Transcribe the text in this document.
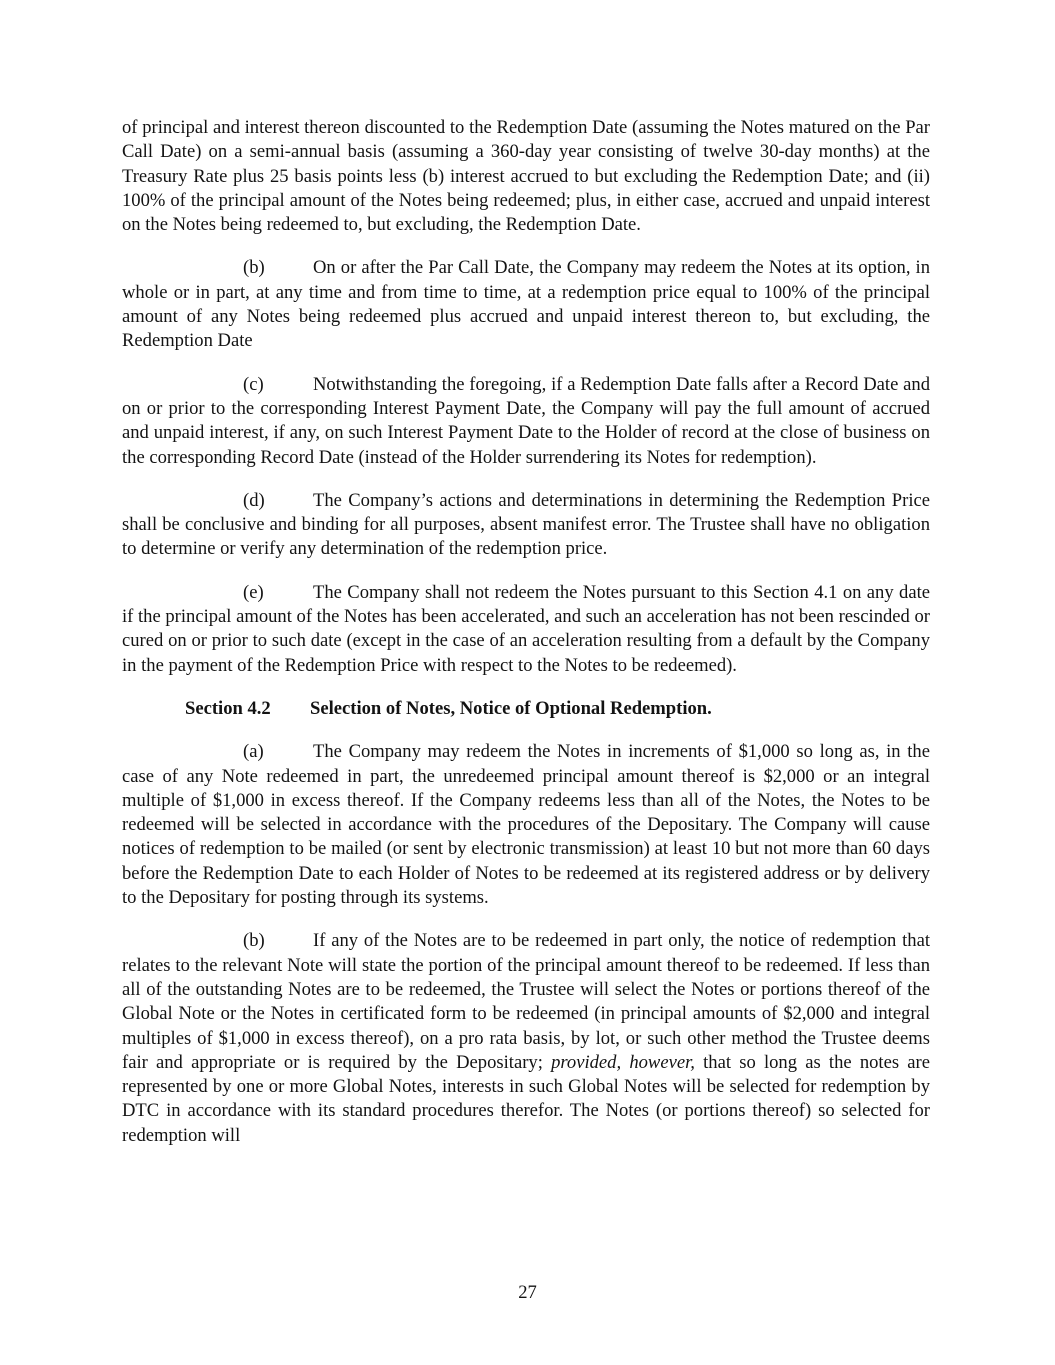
of principal and interest thereon discounted to the Redemption Date (assuming the Notes matured on the Par Call Date) on a semi-annual basis (assuming a 360-day year consisting of twelve 30-day months) at the Treasury Rate plus 25 basis points less (b) interest accrued to but excluding the Redemption Date; and (ii) 100% of the principal amount of the Notes being redeemed; plus, in either case, accrued and unpaid interest on the Notes being redeemed to, but excluding, the Redemption Date.

(b)	On or after the Par Call Date, the Company may redeem the Notes at its option, in whole or in part, at any time and from time to time, at a redemption price equal to 100% of the principal amount of any Notes being redeemed plus accrued and unpaid interest thereon to, but excluding, the Redemption Date

(c)	Notwithstanding the foregoing, if a Redemption Date falls after a Record Date and on or prior to the corresponding Interest Payment Date, the Company will pay the full amount of accrued and unpaid interest, if any, on such Interest Payment Date to the Holder of record at the close of business on the corresponding Record Date (instead of the Holder surrendering its Notes for redemption).

(d)	The Company’s actions and determinations in determining the Redemption Price shall be conclusive and binding for all purposes, absent manifest error. The Trustee shall have no obligation to determine or verify any determination of the redemption price.

(e)	The Company shall not redeem the Notes pursuant to this Section 4.1 on any date if the principal amount of the Notes has been accelerated, and such an acceleration has not been rescinded or cured on or prior to such date (except in the case of an acceleration resulting from a default by the Company in the payment of the Redemption Price with respect to the Notes to be redeemed).

Section 4.2 Selection of Notes, Notice of Optional Redemption.

(a)	The Company may redeem the Notes in increments of $1,000 so long as, in the case of any Note redeemed in part, the unredeemed principal amount thereof is $2,000 or an integral multiple of $1,000 in excess thereof. If the Company redeems less than all of the Notes, the Notes to be redeemed will be selected in accordance with the procedures of the Depositary. The Company will cause notices of redemption to be mailed (or sent by electronic transmission) at least 10 but not more than 60 days before the Redemption Date to each Holder of Notes to be redeemed at its registered address or by delivery to the Depositary for posting through its systems.

(b)	If any of the Notes are to be redeemed in part only, the notice of redemption that relates to the relevant Note will state the portion of the principal amount thereof to be redeemed. If less than all of the outstanding Notes are to be redeemed, the Trustee will select the Notes or portions thereof of the Global Note or the Notes in certificated form to be redeemed (in principal amounts of $2,000 and integral multiples of $1,000 in excess thereof), on a pro rata basis, by lot, or such other method the Trustee deems fair and appropriate or is required by the Depositary; provided, however, that so long as the notes are represented by one or more Global Notes, interests in such Global Notes will be selected for redemption by DTC in accordance with its standard procedures therefor. The Notes (or portions thereof) so selected for redemption will

27
